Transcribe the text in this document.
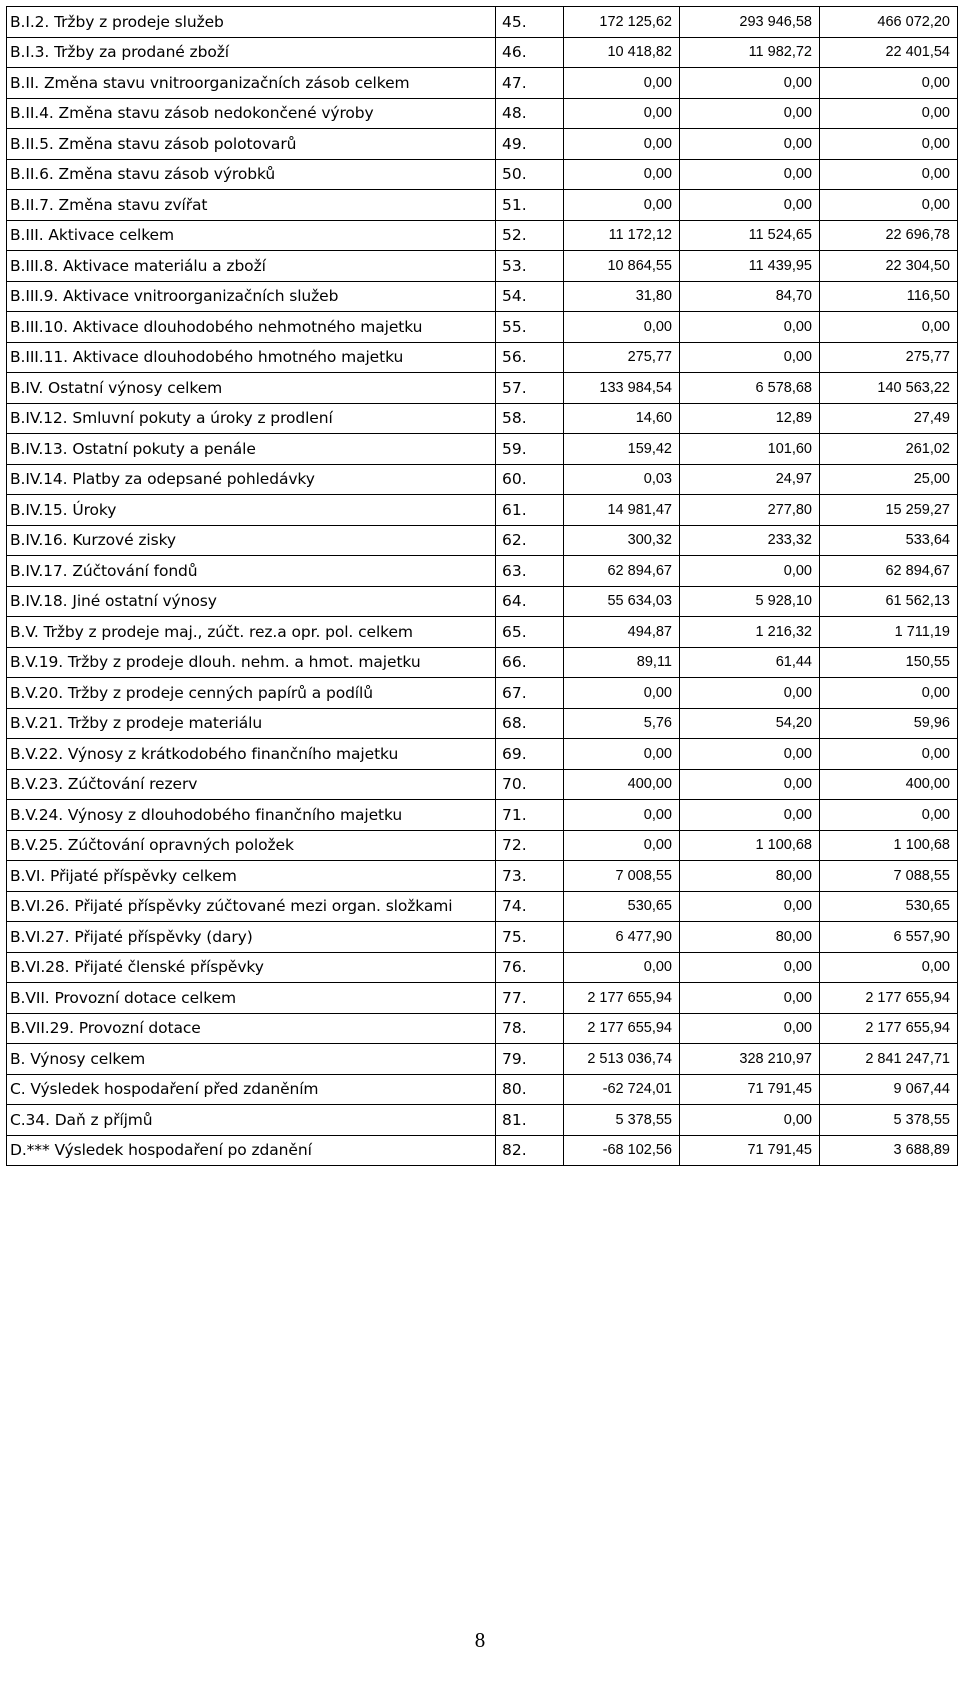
B.I.2. Tržby z prodeje služeb	45.	172 125,62	293 946,58	466 072,20
B.I.3. Tržby za prodané zboží	46.	10 418,82	11 982,72	22 401,54
B.II. Změna stavu vnitroorganizačních zásob celkem	47.	0,00	0,00	0,00
B.II.4. Změna stavu zásob nedokončené výroby	48.	0,00	0,00	0,00
B.II.5. Změna stavu zásob polotovarů	49.	0,00	0,00	0,00
B.II.6. Změna stavu zásob výrobků	50.	0,00	0,00	0,00
B.II.7. Změna stavu zvířat	51.	0,00	0,00	0,00
B.III. Aktivace celkem	52.	11 172,12	11 524,65	22 696,78
B.III.8. Aktivace materiálu a zboží	53.	10 864,55	11 439,95	22 304,50
B.III.9. Aktivace vnitroorganizačních služeb	54.	31,80	84,70	116,50
B.III.10. Aktivace dlouhodobého nehmotného majetku	55.	0,00	0,00	0,00
B.III.11. Aktivace dlouhodobého hmotného majetku	56.	275,77	0,00	275,77
B.IV. Ostatní výnosy celkem	57.	133 984,54	6 578,68	140 563,22
B.IV.12. Smluvní pokuty a úroky z prodlení	58.	14,60	12,89	27,49
B.IV.13. Ostatní pokuty a penále	59.	159,42	101,60	261,02
B.IV.14. Platby za odepsané pohledávky	60.	0,03	24,97	25,00
B.IV.15. Úroky	61.	14 981,47	277,80	15 259,27
B.IV.16. Kurzové zisky	62.	300,32	233,32	533,64
B.IV.17. Zúčtování fondů	63.	62 894,67	0,00	62 894,67
B.IV.18. Jiné ostatní výnosy	64.	55 634,03	5 928,10	61 562,13
B.V. Tržby z prodeje maj., zúčt. rez.a opr. pol. celkem	65.	494,87	1 216,32	1 711,19
B.V.19. Tržby z prodeje dlouh. nehm. a hmot. majetku	66.	89,11	61,44	150,55
B.V.20. Tržby z prodeje cenných papírů a podílů	67.	0,00	0,00	0,00
B.V.21. Tržby z prodeje materiálu	68.	5,76	54,20	59,96
B.V.22. Výnosy z krátkodobého finančního majetku	69.	0,00	0,00	0,00
B.V.23. Zúčtování rezerv	70.	400,00	0,00	400,00
B.V.24. Výnosy z dlouhodobého finančního majetku	71.	0,00	0,00	0,00
B.V.25. Zúčtování opravných položek	72.	0,00	1 100,68	1 100,68
B.VI. Přijaté příspěvky celkem	73.	7 008,55	80,00	7 088,55
B.VI.26. Přijaté příspěvky zúčtované mezi organ. složkami	74.	530,65	0,00	530,65
B.VI.27. Přijaté příspěvky (dary)	75.	6 477,90	80,00	6 557,90
B.VI.28. Přijaté členské příspěvky	76.	0,00	0,00	0,00
B.VII. Provozní dotace celkem	77.	2 177 655,94	0,00	2 177 655,94
B.VII.29. Provozní dotace	78.	2 177 655,94	0,00	2 177 655,94
B. Výnosy celkem	79.	2 513 036,74	328 210,97	2 841 247,71
C. Výsledek hospodaření před zdaněním	80.	-62 724,01	71 791,45	9 067,44
C.34. Daň z příjmů	81.	5 378,55	0,00	5 378,55
D.*** Výsledek hospodaření po zdanění	82.	-68 102,56	71 791,45	3 688,89
8
